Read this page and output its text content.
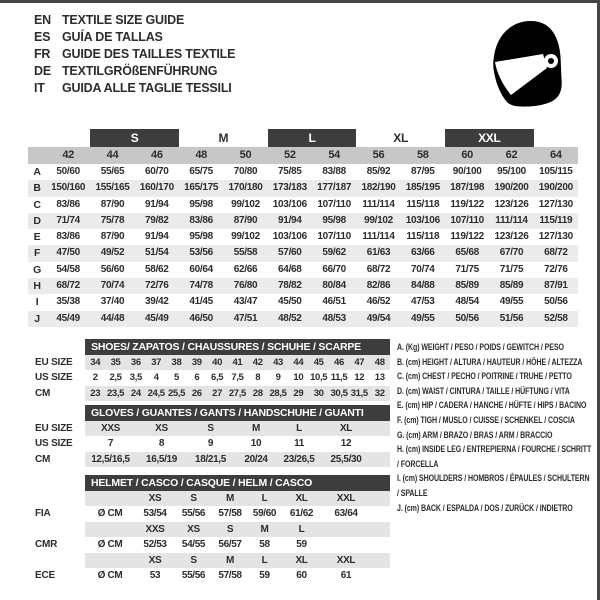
EN TEXTILE SIZE GUIDE
ES GUÍA DE TALLAS
FR GUIDE DES TAILLES TEXTILE
DE TEXTILGRÖßENFÜHRUNG
IT	GUIDA ALLE TAGLIE TESSILI
		S		M		L		XL		XXL		
	42	44	46	48	50	52	54	56	58	60	62	64
A	50/60	55/65	60/70	65/75	70/80	75/85	83/88	85/92	87/95	90/100	95/100	105/115
B	150/160	155/165	160/170	165/175	170/180	173/183	177/187	182/190	185/195	187/198	190/200	190/200
C	83/86	87/90	91/94	95/98	99/102	103/106	107/110	111/114	115/118	119/122	123/126	127/130
D	71/74	75/78	79/82	83/86	87/90	91/94	95/98	99/102	103/106	107/110	111/114	115/119
E	83/86	87/90	91/94	95/98	99/102	103/106	107/110	111/114	115/118	119/122	123/126	127/130
F	47/50	49/52	51/54	53/56	55/58	57/60	59/62	61/63	63/66	65/68	67/70	68/72
G	54/58	56/60	58/62	60/64	62/66	64/68	66/70	68/72	70/74	71/75	71/75	72/76
H	68/72	70/74	72/76	74/78	76/80	78/82	80/84	82/86	84/88	85/89	85/89	87/91
I	35/38	37/40	39/42	41/45	43/47	45/50	46/51	46/52	47/53	48/54	49/55	50/56
J	45/49	44/48	45/49	46/50	47/51	48/52	48/53	49/54	49/55	50/56	51/56	52/58
	SHOES/ ZAPATOS / CHAUSSURES / SCHUHE / SCARPE														
EU SIZE	34	35	36	37	38	39	40	41	42	43	44	45	46	47	48
US SIZE	2	2,5	3,5	4	5	6	6,5	7,5	8	9	10	10,5	11,5	12	13
CM	23	23,5	24	24,5	25,5	26	27	27,5	28	28,5	29	30	30,5	31,5	32
	GLOVES / GUANTES / GANTS / HANDSCHUHE / GUANTI						
EU SIZE	XXS	XS	S	M	L	XL	
US SIZE	7	8	9	10	11	12	
CM	12,5/16,5	16,5/19	18/21,5	20/24	23/26,5	25,5/30	
	HELMET / CASCO / CASQUE / HELM / CASCO							
		XS	S	M	L	XL	XXL	
FIA	Ø CM	53/54	55/56	57/58	59/60	61/62	63/64	
		XXS	XS	S	M	L		
CMR	Ø CM	52/53	54/55	56/57	58	59		
		XS	S	M	L	XL	XXL	
ECE	Ø CM	53	55/56	57/58	59	60	61	
A. (Kg) WEIGHT / PESO / POIDS / GEWITCH / PESO
B. (cm) HEIGHT / ALTURA / HAUTEUR / HÖHE / ALTEZZA
C. (cm) CHEST / PECHO / POITRINE / TRUHE / PETTO
D. (cm) WAIST / CINTURA / TAILLE / HÜFTUNG / VITA
E. (cm) HIP / CADERA / HANCHE / HÜFTE / HIPS / BACINO
F. (cm) TIGH / MUSLO / CUISSE / SCHENKEL / COSCIA
G. (cm) ARM / BRAZO / BRAS / ARM / BRACCIO
H. (cm) INSIDE LEG / ENTREPIERNA / FOURCHE / SCHRITT / FORCELLA
I. (cm) SHOULDERS / HOMBROS / ÉPAULES / SCHULTERN / SPALLE
J. (cm) BACK / ESPALDA / DOS / ZURÜCK / INDIETRO
